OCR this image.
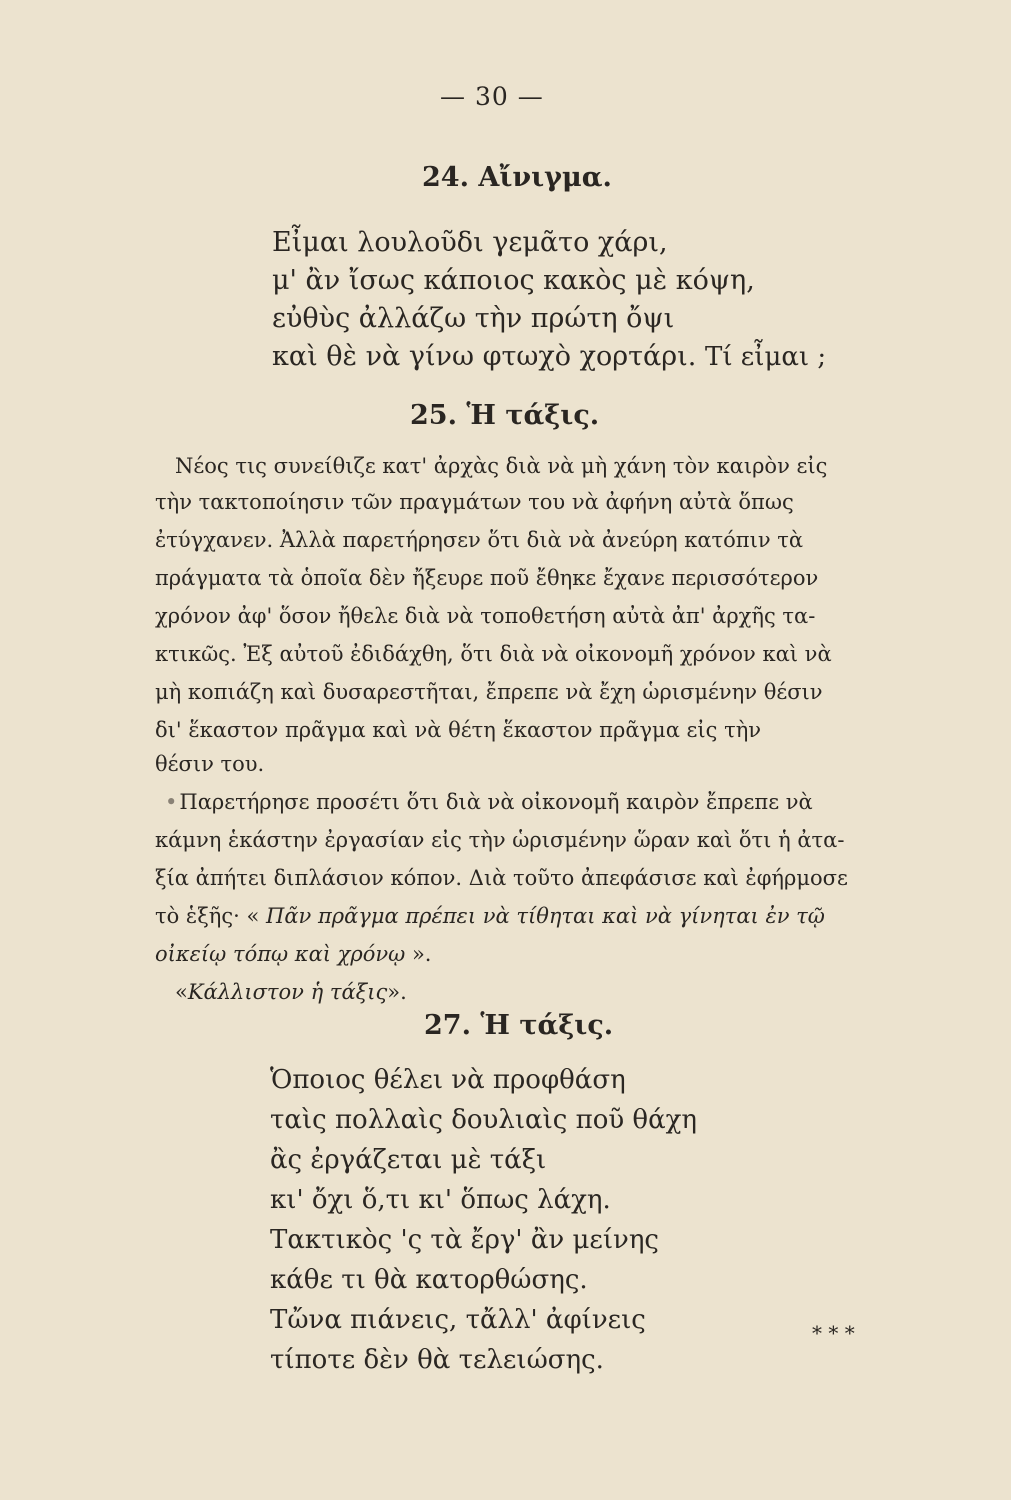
— 30 —
24. Αἴνιγμα.
Εἶμαι λουλοῦδι γεμᾶτο χάρι,
μ' ἂν ἴσως κάποιος κακὸς μὲ κόψη,
εὐθὺς ἀλλάζω τὴν πρώτη ὄψι
καὶ θὲ νὰ γίνω φτωχὸ χορτάρι. Τί εἶμαι ;
25. Ἡ τάξις.
Νέος τις συνείθιζε κατ' ἀρχὰς διὰ νὰ μὴ χάνη τὸν καιρὸν εἰς
τὴν τακτοποίησιν τῶν πραγμάτων του νὰ ἀφήνη αὐτὰ ὅπως
ἐτύγχανεν. Ἀλλὰ παρετήρησεν ὅτι διὰ νὰ ἀνεύρη κατόπιν τὰ
πράγματα τὰ ὁποῖα δὲν ἤξευρε ποῦ ἔθηκε ἔχανε περισσότερον
χρόνον ἀφ' ὅσον ἤθελε διὰ νὰ τοποθετήση αὐτὰ ἀπ' ἀρχῆς τα-
κτικῶς. Ἐξ αὐτοῦ ἐδιδάχθη, ὅτι διὰ νὰ οἰκονομῆ χρόνον καὶ νὰ
μὴ κοπιάζη καὶ δυσαρεστῆται, ἔπρεπε νὰ ἔχη ὡρισμένην θέσιν
δι' ἕκαστον πρᾶγμα καὶ νὰ θέτη ἕκαστον πρᾶγμα εἰς τὴν
θέσιν του.
•Παρετήρησε προσέτι ὅτι διὰ νὰ οἰκονομῆ καιρὸν ἔπρεπε νὰ
κάμνη ἑκάστην ἐργασίαν εἰς τὴν ὡρισμένην ὥραν καὶ ὅτι ἡ ἀτα-
ξία ἀπήτει διπλάσιον κόπον. Διὰ τοῦτο ἀπεφάσισε καὶ ἐφήρμοσε
τὸ ἑξῆς· « Πᾶν πρᾶγμα πρέπει νὰ τίθηται καὶ νὰ γίνηται ἐν τῷ
οἰκείῳ τόπῳ καὶ χρόνῳ ».
«Κάλλιστον ἡ τάξις».
27. Ἡ τάξις.
Ὁποιος θέλει νὰ προφθάση
ταὶς πολλαὶς δουλιαὶς ποῦ θάχη
ἂς ἐργάζεται μὲ τάξι
κι' ὄχι ὅ,τι κι' ὅπως λάχη.
Τακτικὸς 'ς τὰ ἔργ' ἂν μείνης
κάθε τι θὰ κατορθώσης.
Τὤνα πιάνεις, τἄλλ' ἀφίνεις
τίποτε δὲν θὰ τελειώσης.
* * *
